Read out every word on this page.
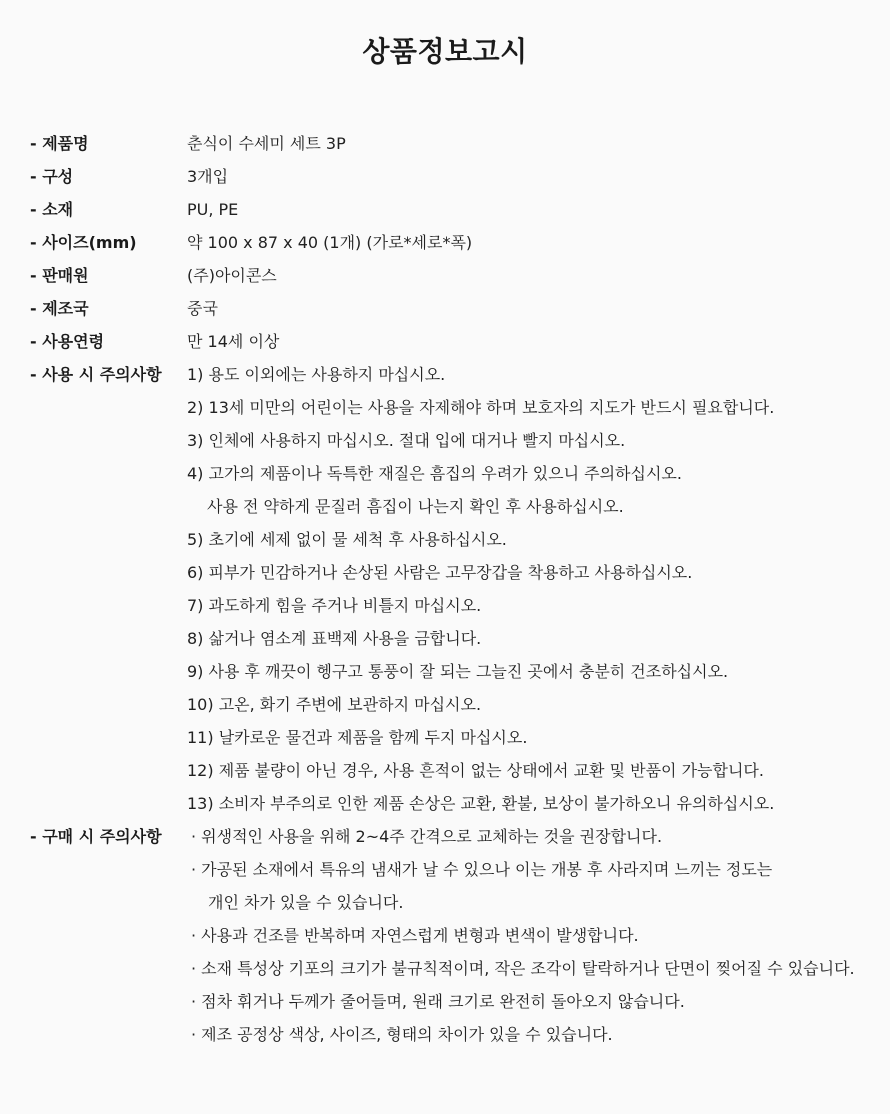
상품정보고시
- 제품명	춘식이 수세미 세트 3P
- 구성	3개입
- 소재	PU, PE
- 사이즈(mm)	약 100 x 87 x 40 (1개) (가로*세로*폭)
- 판매원	(주)아이콘스
- 제조국	중국
- 사용연령	만 14세 이상
- 사용 시 주의사항	1) 용도 이외에는 사용하지 마십시오.
2) 13세 미만의 어린이는 사용을 자제해야 하며 보호자의 지도가 반드시 필요합니다.
3) 인체에 사용하지 마십시오. 절대 입에 대거나 빨지 마십시오.
4) 고가의 제품이나 독특한 재질은 흠집의 우려가 있으니 주의하십시오.
사용 전 약하게 문질러 흠집이 나는지 확인 후 사용하십시오.
5) 초기에 세제 없이 물 세척 후 사용하십시오.
6) 피부가 민감하거나 손상된 사람은 고무장갑을 착용하고 사용하십시오.
7) 과도하게 힘을 주거나 비틀지 마십시오.
8) 삶거나 염소계 표백제 사용을 금합니다.
9) 사용 후 깨끗이 헹구고 통풍이 잘 되는 그늘진 곳에서 충분히 건조하십시오.
10) 고온, 화기 주변에 보관하지 마십시오.
11) 날카로운 물건과 제품을 함께 두지 마십시오.
12) 제품 불량이 아닌 경우, 사용 흔적이 없는 상태에서 교환 및 반품이 가능합니다.
13) 소비자 부주의로 인한 제품 손상은 교환, 환불, 보상이 불가하오니 유의하십시오.
- 구매 시 주의사항	· 위생적인 사용을 위해 2~4주 간격으로 교체하는 것을 권장합니다.
· 가공된 소재에서 특유의 냄새가 날 수 있으나 이는 개봉 후 사라지며 느끼는 정도는
개인 차가 있을 수 있습니다.
· 사용과 건조를 반복하며 자연스럽게 변형과 변색이 발생합니다.
· 소재 특성상 기포의 크기가 불규칙적이며, 작은 조각이 탈락하거나 단면이 찢어질 수 있습니다.
· 점차 휘거나 두께가 줄어들며, 원래 크기로 완전히 돌아오지 않습니다.
· 제조 공정상 색상, 사이즈, 형태의 차이가 있을 수 있습니다.
